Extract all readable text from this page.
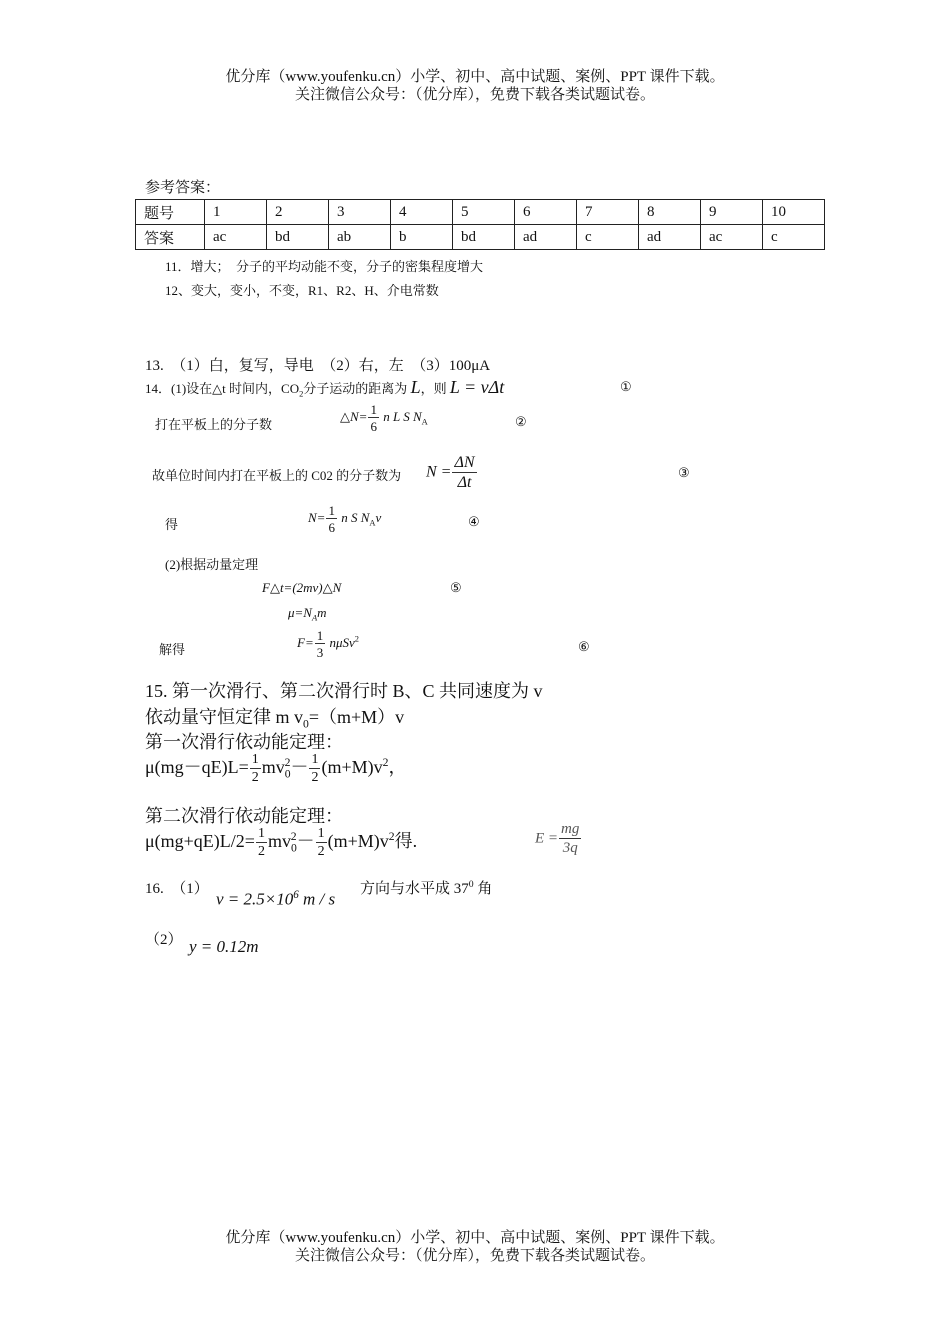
优分库（www.youfenku.cn）小学、初中、高中试题、案例、PPT 课件下载。
关注微信公众号：（优分库），免费下载各类试题试卷。
参考答案：
题号	1	2	3	4	5	6	7	8	9	10
答案	ac	bd	ab	b	bd	ad	c	ad	ac	c
11．增大；　分子的平均动能不变，分子的密集程度增大
12、变大，变小，不变，R1、R2、H、介电常数
13.　（1）白，复写，导电　（2）右，左　（3）100μA
14．(1)设在△t 时间内，$CO_2$分子运动的距离为 L，则 L = vΔt	①
打在平板上的分子数
△N= $\frac{1}{6}$ n L S $N_A$	②
故单位时间内打在平板上的 C02 的分子数为 $N = \frac{\Delta N}{\Delta t}$	③
得	$N= \frac{1}{6}$ n S $N_Av$	④
(2)根据动量定理
F△t=(2mv)△N	⑤
$\mu=N_Am$
解得	$F= \frac{1}{3} n\mu Sv^2$
⑥
15. 第一次滑行、第二次滑行时 B、C 共同速度为 v
依动量守恒定律 m $v_0=(m+M)v$
第一次滑行依动能定理：
$\mu(mg-qE)L= \frac{1}{2} mv_0^2- \frac{1}{2} (m+M)v^2$，
第二次滑行依动能定理：
$\mu(mg+qE)L/2= \frac{1}{2} mv_0^2- \frac{1}{2} (m+M)v^2$得.	$E = \frac{mg}{3q}$
16.　（1）
$v = 2.5\times 10^6$ m / s
方向与水平成 $37^0$ 角
（2） y = 0.12m
优分库（www.youfenku.cn）小学、初中、高中试题、案例、PPT 课件下载。
关注微信公众号：（优分库），免费下载各类试题试卷。
